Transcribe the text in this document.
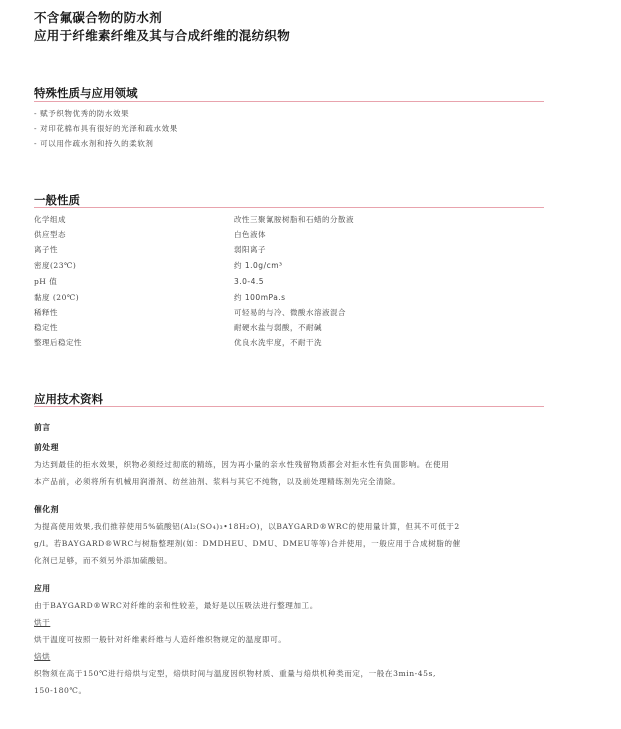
不含氟碳合物的防水剂
应用于纤维素纤维及其与合成纤维的混纺织物
特殊性质与应用领域
- 赋予织物优秀的防水效果
- 对印花棉布具有很好的光泽和疏水效果
- 可以用作疏水剂和持久的柔软剂
一般性质
化学组成	改性三聚氰胺树脂和石蜡的分散液
供应型态	白色液体
离子性	弱阳离子
密度(23℃)	约 1.0g/cm³
pH 值	3.0-4.5
黏度 (20℃)	约 100mPa.s
稀释性	可轻易的与冷、微酸水溶液混合
稳定性	耐硬水盐与弱酸，不耐碱
整理后稳定性	优良水洗牢度，不耐干洗
应用技术资料
前言
前处理
为达到最佳的拒水效果，织物必须经过彻底的精练，因为再小量的亲水性残留物质都会对拒水性有负面影响。在使用
本产品前，必须将所有机械用润滑剂、纺丝油剂、浆料与其它不纯物，以及前处理精练剂先完全清除。
催化剂
为提高使用效果,我们推荐使用5%硫酸铝(Al₂(SO₄)₃•18H₂O)，以BAYGARD®WRC的使用量计算，但其不可低于2
g/l。若BAYGARD®WRC与树脂整理剂(如：DMDHEU、DMU、DMEU等等)合并使用，一般应用于合成树脂的催
化剂已足够，而不须另外添加硫酸铝。
应用
由于BAYGARD®WRC对纤维的亲和性较差，最好是以压吸法进行整理加工。
烘干
烘干温度可按照一般针对纤维素纤维与人造纤维织物规定的温度即可。
焙烘
织物须在高于150℃进行焙烘与定型，焙烘时间与温度因织物材质、重量与焙烘机种类而定，一般在3min-45s,
150-180℃。
